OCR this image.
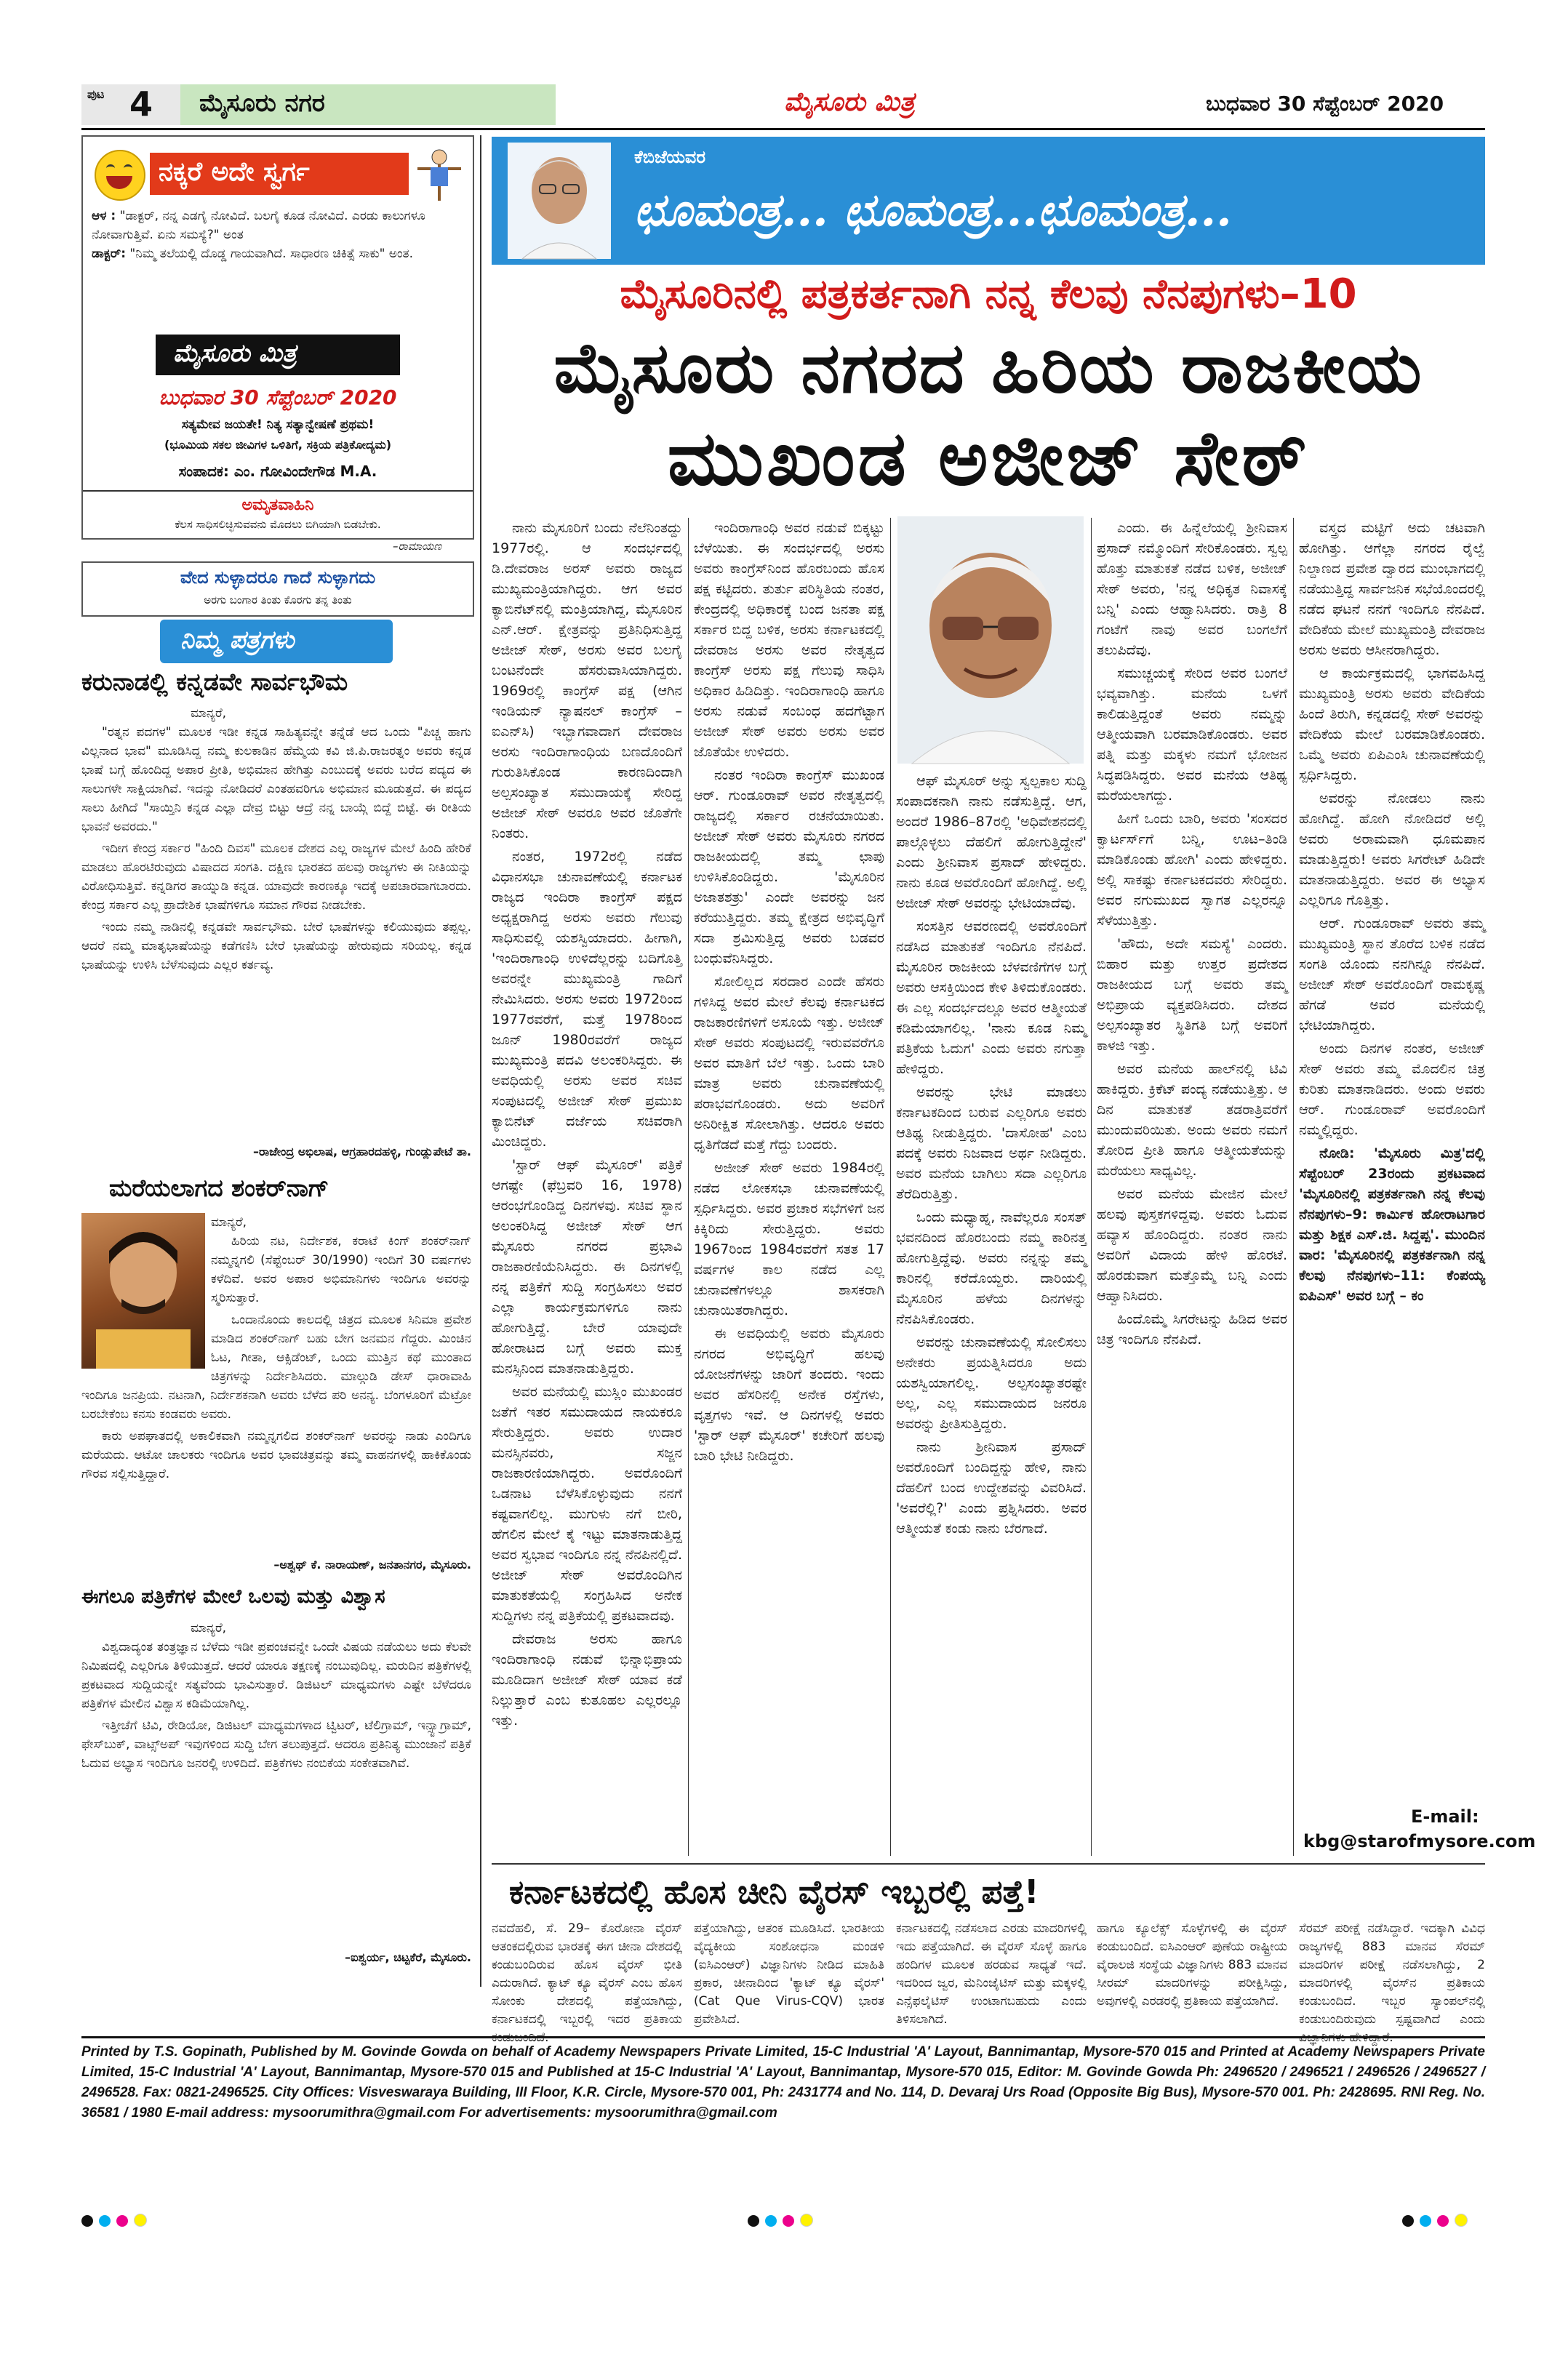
ಪುಟ 4 ಮೈಸೂರು ನಗರ	ಮೈಸೂರು ಮಿತ್ರ	ಬುಧವಾರ 30 ಸೆಪ್ಟೆಂಬರ್ 2020
ನಕ್ಕರೆ ಅದೇ ಸ್ವರ್ಗ
ಆಳ : "ಡಾಕ್ಟರ್, ನನ್ನ ಎಡಗೈ ನೋವಿದೆ. ಬಲಗೈ ಕೂಡ ನೋವಿದೆ. ಎರಡು ಕಾಲುಗಳೂ ನೋವಾಗುತ್ತಿವೆ. ಏನು ಸಮಸ್ಯೆ?" ಅಂತ
ಡಾಕ್ಟರ್: "ನಿಮ್ಮ ತಲೆಯಲ್ಲಿ ದೊಡ್ಡ ಗಾಯವಾಗಿದೆ. ಸಾಧಾರಣ ಚಿಕಿತ್ಸೆ ಸಾಕು" ಅಂತ.
ಮೈಸೂರು ಮಿತ್ರ
ಬುಧವಾರ 30 ಸೆಪ್ಟೆಂಬರ್ 2020
ಸತ್ಯಮೇವ ಜಯತೇ! ನಿತ್ಯ ಸತ್ಯಾನ್ವೇಷಣೆ ಪ್ರಥಮ!
(ಭೂಮಿಯ ಸಕಲ ಜೀವಿಗಳ ಒಳಿತಿಗೆ, ಸಕ್ರಿಯ ಪತ್ರಿಕೋದ್ಯಮ)
ಸಂಪಾದಕ: ಎಂ. ಗೋವಿಂದೇಗೌಡ M.A.
ಅಮೃತವಾಹಿನಿ
ಕೆಲಸ ಸಾಧಿಸಲಿಚ್ಛಿಸುವವನು ಮೊದಲು ಬಿಗಿಯಾಗಿ ಬಿಡಬೇಕು.
–ರಾಮಾಯಣ
ವೇದ ಸುಳ್ಳಾದರೂ ಗಾದೆ ಸುಳ್ಳಾಗದು
ಅರಗು ಬಂಗಾರ ತಿಂತು ಕೊರಗು ತನ್ನ ತಿಂತು
ನಿಮ್ಮ ಪತ್ರಗಳು
ಕರುನಾಡಲ್ಲಿ ಕನ್ನಡವೇ ಸಾರ್ವಭೌಮ
ಮಾನ್ಯರೆ,

"ರತ್ನನ ಪದಗಳ" ಮೂಲಕ ಇಡೀ ಕನ್ನಡ ಸಾಹಿತ್ಯವನ್ನೇ ತನ್ನೆಡೆ ಆದ ಒಂದು "ಪಿಚ್ಚ ಹಾಗು ವಿಲ್ಲನಾದ ಭಾವ" ಮೂಡಿಸಿದ್ದ ನಮ್ಮ ಕುಲಕಾಡಿನ ಹೆಮ್ಮೆಯ ಕವಿ ಜಿ.ಪಿ.ರಾಜರತ್ನಂ ಅವರು ಕನ್ನಡ ಭಾಷೆ ಬಗ್ಗೆ ಹೊಂದಿದ್ದ ಅಪಾರ ಪ್ರೀತಿ, ಅಭಿಮಾನ ಹೇಗಿತ್ತು ಎಂಬುದಕ್ಕೆ ಅವರು ಬರೆದ ಪದ್ಯದ ಈ ಸಾಲುಗಳೇ ಸಾಕ್ಷಿಯಾಗಿವೆ. ಇದನ್ನು ನೋಡಿದರೆ ಎಂತಹವರಿಗೂ ಅಭಿಮಾನ ಮೂಡುತ್ತದೆ. ಈ ಪದ್ಯದ ಸಾಲು ಹೀಗಿದೆ "ಸಾ‌ಯ್ತಿನಿ ಕನ್ನಡ ಎಲ್ಲಾ ದೇವ್ರ ಬಿಟ್ಟು ಆದ್ರೆ ನನ್ನ ಬಾಯ್ಗೆ ಬಿದ್ದೆ ಬಿಟ್ಟೆ. ಈ ರೀತಿಯ ಭಾವನೆ ಅವರದು."

ಇದೀಗ ಕೇಂದ್ರ ಸರ್ಕಾರ "ಹಿಂದಿ ದಿವಸ" ಮೂಲಕ ದೇಶದ ಎಲ್ಲ ರಾಜ್ಯಗಳ ಮೇಲೆ ಹಿಂದಿ ಹೇರಿಕೆ ಮಾಡಲು ಹೊರಟಿರುವುದು ವಿಷಾದದ ಸಂಗತಿ. ದಕ್ಷಿಣ ಭಾರತದ ಹಲವು ರಾಜ್ಯಗಳು ಈ ನೀತಿಯನ್ನು ವಿರೋಧಿಸುತ್ತಿವೆ. ಕನ್ನಡಿಗರ ತಾಯ್ನುಡಿ ಕನ್ನಡ. ಯಾವುದೇ ಕಾರಣಕ್ಕೂ ಇದಕ್ಕೆ ಅಪಚಾರವಾಗಬಾರದು. ಕೇಂದ್ರ ಸರ್ಕಾರ ಎಲ್ಲ ಪ್ರಾದೇಶಿಕ ಭಾಷೆಗಳಿಗೂ ಸಮಾನ ಗೌರವ ನೀಡಬೇಕು.

ಇಂದು ನಮ್ಮ ನಾಡಿನಲ್ಲಿ ಕನ್ನಡವೇ ಸಾರ್ವಭೌಮ. ಬೇರೆ ಭಾಷೆಗಳನ್ನು ಕಲಿಯುವುದು ತಪ್ಪಲ್ಲ. ಆದರೆ ನಮ್ಮ ಮಾತೃಭಾಷೆಯನ್ನು ಕಡೆಗಣಿಸಿ ಬೇರೆ ಭಾಷೆಯನ್ನು ಹೇರುವುದು ಸರಿಯಲ್ಲ. ಕನ್ನಡ ಭಾಷೆಯನ್ನು ಉಳಿಸಿ ಬೆಳೆಸುವುದು ಎಲ್ಲರ ಕರ್ತವ್ಯ.

–ರಾಜೇಂದ್ರ ಅಭಿಲಾಷ, ಆಗ್ರಹಾರದಹಳ್ಳಿ, ಗುಂಡ್ಲುಪೇಟೆ ತಾ.
ಮರೆಯಲಾಗದ ಶಂಕರ್‌ನಾಗ್
ಮಾನ್ಯರೆ,

ಹಿರಿಯ ನಟ, ನಿರ್ದೇಶಕ, ಕರಾಟೆ ಕಿಂಗ್ ಶಂಕರ್‌ನಾಗ್ ನಮ್ಮನ್ನಗಲಿ (ಸೆಪ್ಟೆಂಬರ್ 30/1990) ಇಂದಿಗೆ 30 ವರ್ಷಗಳು ಕಳೆದಿವೆ. ಅವರ ಅಪಾರ ಅಭಿಮಾನಿಗಳು ಇಂದಿಗೂ ಅವರನ್ನು ಸ್ಮರಿಸುತ್ತಾರೆ.

ಒಂದಾನೊಂದು ಕಾಲದಲ್ಲಿ ಚಿತ್ರದ ಮೂಲಕ ಸಿನಿಮಾ ಪ್ರವೇಶ ಮಾಡಿದ ಶಂಕರ್‌ನಾಗ್ ಬಹು ಬೇಗ ಜನಮನ ಗೆದ್ದರು. ಮಿಂಚಿನ ಓಟ, ಗೀತಾ, ಆಕ್ಸಿಡೆಂಟ್, ಒಂದು ಮುತ್ತಿನ ಕಥೆ ಮುಂತಾದ ಚಿತ್ರಗಳನ್ನು ನಿರ್ದೇಶಿಸಿದರು. ಮಾಲ್ಗುಡಿ ಡೇಸ್ ಧಾರಾವಾಹಿ ಇಂದಿಗೂ ಜನಪ್ರಿಯ. ನಟನಾಗಿ, ನಿರ್ದೇಶಕನಾಗಿ ಅವರು ಬೆಳೆದ ಪರಿ ಅನನ್ಯ. ಬೆಂಗಳೂರಿಗೆ ಮೆಟ್ರೋ ಬರಬೇಕೆಂಬ ಕನಸು ಕಂಡವರು ಅವರು.

ಕಾರು ಅಪಘಾತದಲ್ಲಿ ಅಕಾಲಿಕವಾಗಿ ನಮ್ಮನ್ನಗಲಿದ ಶಂಕರ್‌ನಾಗ್ ಅವರನ್ನು ನಾಡು ಎಂದಿಗೂ ಮರೆಯದು. ಆಟೋ ಚಾಲಕರು ಇಂದಿಗೂ ಅವರ ಭಾವಚಿತ್ರವನ್ನು ತಮ್ಮ ವಾಹನಗಳಲ್ಲಿ ಹಾಕಿಕೊಂಡು ಗೌರವ ಸಲ್ಲಿಸುತ್ತಿದ್ದಾರೆ.

–ಅಶ್ವಥ್ ಕೆ. ನಾರಾಯಣ್, ಜನತಾನಗರ, ಮೈಸೂರು.
ಈಗಲೂ ಪತ್ರಿಕೆಗಳ ಮೇಲೆ ಒಲವು ಮತ್ತು ವಿಶ್ವಾಸ
ಮಾನ್ಯರೆ,

ವಿಶ್ವದಾದ್ಯಂತ ತಂತ್ರಜ್ಞಾನ ಬೆಳೆದು ಇಡೀ ಪ್ರಪಂಚವನ್ನೇ ಒಂದೇ ವಿಷಯ ನಡೆಯಲು ಅದು ಕೆಲವೇ ನಿಮಿಷದಲ್ಲಿ ಎಲ್ಲರಿಗೂ ತಿಳಿಯುತ್ತದೆ. ಆದರೆ ಯಾರೂ ತಕ್ಷಣಕ್ಕೆ ನಂಬುವುದಿಲ್ಲ. ಮರುದಿನ ಪತ್ರಿಕೆಗಳಲ್ಲಿ ಪ್ರಕಟವಾದ ಸುದ್ದಿಯನ್ನೇ ಸತ್ಯವೆಂದು ಭಾವಿಸುತ್ತಾರೆ. ಡಿಜಿಟಲ್ ಮಾಧ್ಯಮಗಳು ಎಷ್ಟೇ ಬೆಳೆದರೂ ಪತ್ರಿಕೆಗಳ ಮೇಲಿನ ವಿಶ್ವಾಸ ಕಡಿಮೆಯಾಗಿಲ್ಲ.

ಇತ್ತೀಚೆಗೆ ಟಿವಿ, ರೇಡಿಯೋ, ಡಿಜಿಟಲ್ ಮಾಧ್ಯಮಗಳಾದ ಟ್ವಿಟರ್, ಟೆಲಿಗ್ರಾಮ್, ಇನ್ಸ್ಟಾಗ್ರಾಮ್, ಫೇಸ್‌ಬುಕ್, ವಾಟ್ಸ್‌ಅಪ್ ಇವುಗಳಿಂದ ಸುದ್ದಿ ಬೇಗ ತಲುಪುತ್ತದೆ. ಆದರೂ ಪ್ರತಿನಿತ್ಯ ಮುಂಜಾನೆ ಪತ್ರಿಕೆ ಓದುವ ಅಭ್ಯಾಸ ಇಂದಿಗೂ ಜನರಲ್ಲಿ ಉಳಿದಿದೆ. ಪತ್ರಿಕೆಗಳು ನಂಬಿಕೆಯ ಸಂಕೇತವಾಗಿವೆ.

–ಐಶ್ವರ್ಯ, ಚಿಟ್ಟಕೆರೆ, ಮೈಸೂರು.
ಕೆಬಿಜೆಯವರ
ಛೂಮಂತ್ರ... ಛೂಮಂತ್ರ...ಛೂಮಂತ್ರ...
ಮೈಸೂರಿನಲ್ಲಿ ಪತ್ರಕರ್ತನಾಗಿ ನನ್ನ ಕೆಲವು ನೆನಪುಗಳು–10
ಮೈಸೂರು ನಗರದ ಹಿರಿಯ ರಾಜಕೀಯ
ಮುಖಂಡ ಅಜೀಜ್ ಸೇಠ್

ನಾನು ಮೈಸೂರಿಗೆ ಬಂದು ನೆಲೆನಿಂತದ್ದು 1977ರಲ್ಲಿ. ಆ ಸಂದರ್ಭದಲ್ಲಿ ಡಿ.ದೇವರಾಜ ಅರಸ್ ಅವರು ರಾಜ್ಯದ ಮುಖ್ಯಮಂತ್ರಿಯಾಗಿದ್ದರು. ಆಗ ಅವರ ಕ್ಯಾಬಿನೆಟ್‌ನಲ್ಲಿ ಮಂತ್ರಿಯಾಗಿದ್ದ, ಮೈಸೂರಿನ ಎನ್.ಆರ್. ಕ್ಷೇತ್ರವನ್ನು ಪ್ರತಿನಿಧಿಸುತ್ತಿದ್ದ ಅಜೀಜ್ ಸೇಠ್, ಅರಸು ಅವರ ಬಲಗೈ ಬಂಟನೆಂದೇ ಹೆಸರುವಾಸಿಯಾಗಿದ್ದರು. 1969ರಲ್ಲಿ ಕಾಂಗ್ರೆಸ್ ಪಕ್ಷ (ಆಗಿನ ಇಂಡಿಯನ್ ನ್ಯಾಷನಲ್ ಕಾಂಗ್ರೆಸ್ – ಐಎನ್‌ಸಿ) ಇಬ್ಭಾಗವಾದಾಗ ದೇವರಾಜ ಅರಸು ಇಂದಿರಾಗಾಂಧಿಯ ಬಣದೊಂದಿಗೆ ಗುರುತಿಸಿಕೊಂಡ ಕಾರಣದಿಂದಾಗಿ ಅಲ್ಪಸಂಖ್ಯಾತ ಸಮುದಾಯಕ್ಕೆ ಸೇರಿದ್ದ ಅಜೀಜ್ ಸೇಠ್ ಅವರೂ ಅವರ ಜೊತೆಗೇ ನಿಂತರು.

ನಂತರ, 1972ರಲ್ಲಿ ನಡೆದ ವಿಧಾನಸಭಾ ಚುನಾವಣೆಯಲ್ಲಿ ಕರ್ನಾಟಕ ರಾಜ್ಯದ ಇಂದಿರಾ ಕಾಂಗ್ರೆಸ್ ಪಕ್ಷದ ಅಧ್ಯಕ್ಷರಾಗಿದ್ದ ಅರಸು ಅವರು ಗೆಲುವು ಸಾಧಿಸುವಲ್ಲಿ ಯಶಸ್ವಿಯಾದರು. ಹೀಗಾಗಿ, 'ಇಂದಿರಾಗಾಂಧಿ ಉಳಿದೆಲ್ಲರನ್ನು ಬದಿಗೊತ್ತಿ ಅವರನ್ನೇ ಮುಖ್ಯಮಂತ್ರಿ ಗಾದಿಗೆ ನೇಮಿಸಿದರು. ಅರಸು ಅವರು 1972ರಿಂದ 1977ರವರೆಗೆ, ಮತ್ತೆ 1978ರಿಂದ ಜೂನ್ 1980ರವರೆಗೆ ರಾಜ್ಯದ ಮುಖ್ಯಮಂತ್ರಿ ಪದವಿ ಅಲಂಕರಿಸಿದ್ದರು. ಈ ಅವಧಿಯಲ್ಲಿ ಅರಸು ಅವರ ಸಚಿವ ಸಂಪುಟದಲ್ಲಿ ಅಜೀಜ್ ಸೇಠ್ ಪ್ರಮುಖ ಕ್ಯಾಬಿನೆಟ್ ದರ್ಜೆಯ ಸಚಿವರಾಗಿ ಮಿಂಚಿದ್ದರು.

'ಸ್ಟಾರ್ ಆಫ್ ಮೈಸೂರ್' ಪತ್ರಿಕೆ ಆಗಷ್ಟೇ (ಫೆಬ್ರವರಿ 16, 1978) ಆರಂಭಗೊಂಡಿದ್ದ ದಿನಗಳವು. ಸಚಿವ ಸ್ಥಾನ ಅಲಂಕರಿಸಿದ್ದ ಅಜೀಜ್ ಸೇಠ್ ಆಗ ಮೈಸೂರು ನಗರದ ಪ್ರಭಾವಿ ರಾಜಕಾರಣಿಯೆನಿಸಿದ್ದರು. ಈ ದಿನಗಳಲ್ಲಿ ನನ್ನ ಪತ್ರಿಕೆಗೆ ಸುದ್ದಿ ಸಂಗ್ರಹಿಸಲು ಅವರ ಎಲ್ಲಾ ಕಾರ್ಯಕ್ರಮಗಳಿಗೂ ನಾನು ಹೋಗುತ್ತಿದ್ದೆ. ಬೇರೆ ಯಾವುದೇ ಹೋರಾಟದ ಬಗ್ಗೆ ಅವರು ಮುಕ್ತ ಮನಸ್ಸಿನಿಂದ ಮಾತನಾಡುತ್ತಿದ್ದರು.

ಅವರ ಮನೆಯಲ್ಲಿ ಮುಸ್ಲಿಂ ಮುಖಂಡರ ಜತೆಗೆ ಇತರ ಸಮುದಾಯದ ನಾಯಕರೂ ಸೇರುತ್ತಿದ್ದರು. ಅವರು ಉದಾರ ಮನಸ್ಸಿನವರು, ಸಜ್ಜನ ರಾಜಕಾರಣಿಯಾಗಿದ್ದರು. ಅವರೊಂದಿಗೆ ಒಡನಾಟ ಬೆಳೆಸಿಕೊಳ್ಳುವುದು ನನಗೆ ಕಷ್ಟವಾಗಲಿಲ್ಲ. ಮುಗುಳು ನಗೆ ಬೀರಿ, ಹೆಗಲಿನ ಮೇಲೆ ಕೈ ಇಟ್ಟು ಮಾತನಾಡುತ್ತಿದ್ದ ಅವರ ಸ್ವಭಾವ ಇಂದಿಗೂ ನನ್ನ ನೆನಪಿನಲ್ಲಿದೆ. ಅಜೀಜ್ ಸೇಠ್ ಅವರೊಂದಿಗಿನ ಮಾತುಕತೆಯಲ್ಲಿ ಸಂಗ್ರಹಿಸಿದ ಅನೇಕ ಸುದ್ದಿಗಳು ನನ್ನ ಪತ್ರಿಕೆಯಲ್ಲಿ ಪ್ರಕಟವಾದವು.

ದೇವರಾಜ ಅರಸು ಹಾಗೂ ಇಂದಿರಾಗಾಂಧಿ ನಡುವೆ ಭಿನ್ನಾಭಿಪ್ರಾಯ ಮೂಡಿದಾಗ ಅಜೀಜ್ ಸೇಠ್ ಯಾವ ಕಡೆ ನಿಲ್ಲುತ್ತಾರೆ ಎಂಬ ಕುತೂಹಲ ಎಲ್ಲರಲ್ಲೂ ಇತ್ತು.

ಇಂದಿರಾಗಾಂಧಿ ಅವರ ನಡುವೆ ಬಿಕ್ಕಟ್ಟು ಬೆಳೆಯಿತು. ಈ ಸಂದರ್ಭದಲ್ಲಿ ಅರಸು ಅವರು ಕಾಂಗ್ರೆಸ್‌ನಿಂದ ಹೊರಬಂದು ಹೊಸ ಪಕ್ಷ ಕಟ್ಟಿದರು. ತುರ್ತು ಪರಿಸ್ಥಿತಿಯ ನಂತರ, ಕೇಂದ್ರದಲ್ಲಿ ಅಧಿಕಾರಕ್ಕೆ ಬಂದ ಜನತಾ ಪಕ್ಷ ಸರ್ಕಾರ ಬಿದ್ದ ಬಳಿಕ, ಅರಸು ಕರ್ನಾಟಕದಲ್ಲಿ ದೇವರಾಜ ಅರಸು ಅವರ ನೇತೃತ್ವದ ಕಾಂಗ್ರೆಸ್ ಅರಸು ಪಕ್ಷ ಗೆಲುವು ಸಾಧಿಸಿ ಅಧಿಕಾರ ಹಿಡಿದಿತ್ತು. ಇಂದಿರಾಗಾಂಧಿ ಹಾಗೂ ಅರಸು ನಡುವೆ ಸಂಬಂಧ ಹದಗೆಟ್ಟಾಗ ಅಜೀಜ್ ಸೇಠ್ ಅವರು ಅರಸು ಅವರ ಜೊತೆಯೇ ಉಳಿದರು.

ನಂತರ ಇಂದಿರಾ ಕಾಂಗ್ರೆಸ್ ಮುಖಂಡ ಆರ್. ಗುಂಡೂರಾವ್ ಅವರ ನೇತೃತ್ವದಲ್ಲಿ ರಾಜ್ಯದಲ್ಲಿ ಸರ್ಕಾರ ರಚನೆಯಾಯಿತು. ಅಜೀಜ್ ಸೇಠ್ ಅವರು ಮೈಸೂರು ನಗರದ ರಾಜಕೀಯದಲ್ಲಿ ತಮ್ಮ ಛಾಪು ಉಳಿಸಿಕೊಂಡಿದ್ದರು. 'ಮೈಸೂರಿನ ಅಜಾತಶತ್ರು' ಎಂದೇ ಅವರನ್ನು ಜನ ಕರೆಯುತ್ತಿದ್ದರು. ತಮ್ಮ ಕ್ಷೇತ್ರದ ಅಭಿವೃದ್ಧಿಗೆ ಸದಾ ಶ್ರಮಿಸುತ್ತಿದ್ದ ಅವರು ಬಡವರ ಬಂಧುವೆನಿಸಿದ್ದರು.

ಸೋಲಿಲ್ಲದ ಸರದಾರ ಎಂದೇ ಹೆಸರು ಗಳಿಸಿದ್ದ ಅವರ ಮೇಲೆ ಕೆಲವು ಕರ್ನಾಟಕದ ರಾಜಕಾರಣಿಗಳಿಗೆ ಅಸೂಯೆ ಇತ್ತು. ಅಜೀಜ್ ಸೇಠ್ ಅವರು ಸಂಪುಟದಲ್ಲಿ ಇರುವವರೆಗೂ ಅವರ ಮಾತಿಗೆ ಬೆಲೆ ಇತ್ತು. ಒಂದು ಬಾರಿ ಮಾತ್ರ ಅವರು ಚುನಾವಣೆಯಲ್ಲಿ ಪರಾಭವಗೊಂಡರು. ಅದು ಅವರಿಗೆ ಅನಿರೀಕ್ಷಿತ ಸೋಲಾಗಿತ್ತು. ಆದರೂ ಅವರು ಧೃತಿಗೆಡದೆ ಮತ್ತೆ ಗೆದ್ದು ಬಂದರು.

ಅಜೀಜ್ ಸೇಠ್ ಅವರು 1984ರಲ್ಲಿ ನಡೆದ ಲೋಕಸಭಾ ಚುನಾವಣೆಯಲ್ಲಿ ಸ್ಪರ್ಧಿಸಿದ್ದರು. ಅವರ ಪ್ರಚಾರ ಸಭೆಗಳಿಗೆ ಜನ ಕಿಕ್ಕಿರಿದು ಸೇರುತ್ತಿದ್ದರು. ಅವರು 1967ರಿಂದ 1984ರವರೆಗೆ ಸತತ 17 ವರ್ಷಗಳ ಕಾಲ ನಡೆದ ಎಲ್ಲ ಚುನಾವಣೆಗಳಲ್ಲೂ ಶಾಸಕರಾಗಿ ಚುನಾಯಿತರಾಗಿದ್ದರು.

ಈ ಅವಧಿಯಲ್ಲಿ ಅವರು ಮೈಸೂರು ನಗರದ ಅಭಿವೃದ್ಧಿಗೆ ಹಲವು ಯೋಜನೆಗಳನ್ನು ಜಾರಿಗೆ ತಂದರು. ಇಂದು ಅವರ ಹೆಸರಿನಲ್ಲಿ ಅನೇಕ ರಸ್ತೆಗಳು, ವೃತ್ತಗಳು ಇವೆ. ಆ ದಿನಗಳಲ್ಲಿ ಅವರು 'ಸ್ಟಾರ್ ಆಫ್ ಮೈಸೂರ್' ಕಚೇರಿಗೆ ಹಲವು ಬಾರಿ ಭೇಟಿ ನೀಡಿದ್ದರು.

ಆಫ್ ಮೈಸೂರ್ ಅನ್ನು ಸ್ವಲ್ಪಕಾಲ ಸುದ್ದಿ ಸಂಪಾದಕನಾಗಿ ನಾನು ನಡೆಸುತ್ತಿದ್ದೆ. ಆಗ, ಅಂದರೆ 1986–87ರಲ್ಲಿ 'ಅಧಿವೇಶನದಲ್ಲಿ ಪಾಲ್ಗೊಳ್ಳಲು ದೆಹಲಿಗೆ ಹೋಗುತ್ತಿದ್ದೇನೆ' ಎಂದು ಶ್ರೀನಿವಾಸ ಪ್ರಸಾದ್ ಹೇಳಿದ್ದರು. ನಾನು ಕೂಡ ಅವರೊಂದಿಗೆ ಹೋಗಿದ್ದೆ. ಅಲ್ಲಿ ಅಜೀಜ್ ಸೇಠ್ ಅವರನ್ನು ಭೇಟಿಯಾದೆವು.

ಸಂಸತ್ತಿನ ಆವರಣದಲ್ಲಿ ಅವರೊಂದಿಗೆ ನಡೆಸಿದ ಮಾತುಕತೆ ಇಂದಿಗೂ ನೆನಪಿದೆ. ಮೈಸೂರಿನ ರಾಜಕೀಯ ಬೆಳವಣಿಗೆಗಳ ಬಗ್ಗೆ ಅವರು ಆಸಕ್ತಿಯಿಂದ ಕೇಳಿ ತಿಳಿದುಕೊಂಡರು. ಈ ಎಲ್ಲ ಸಂದರ್ಭದಲ್ಲೂ ಅವರ ಆತ್ಮೀಯತೆ ಕಡಿಮೆಯಾಗಲಿಲ್ಲ. 'ನಾನು ಕೂಡ ನಿಮ್ಮ ಪತ್ರಿಕೆಯ ಓದುಗ' ಎಂದು ಅವರು ನಗುತ್ತಾ ಹೇಳಿದ್ದರು.

ಅವರನ್ನು ಭೇಟಿ ಮಾಡಲು ಕರ್ನಾಟಕದಿಂದ ಬರುವ ಎಲ್ಲರಿಗೂ ಅವರು ಆತಿಥ್ಯ ನೀಡುತ್ತಿದ್ದರು. 'ದಾಸೋಹ' ಎಂಬ ಪದಕ್ಕೆ ಅವರು ನಿಜವಾದ ಅರ್ಥ ನೀಡಿದ್ದರು. ಅವರ ಮನೆಯ ಬಾಗಿಲು ಸದಾ ಎಲ್ಲರಿಗೂ ತೆರೆದಿರುತ್ತಿತ್ತು.

ಒಂದು ಮಧ್ಯಾಹ್ನ, ನಾವೆಲ್ಲರೂ ಸಂಸತ್ ಭವನದಿಂದ ಹೊರಬಂದು ನಮ್ಮ ಕಾರಿನತ್ತ ಹೋಗುತ್ತಿದ್ದೆವು. ಅವರು ನನ್ನನ್ನು ತಮ್ಮ ಕಾರಿನಲ್ಲಿ ಕರೆದೊಯ್ದರು. ದಾರಿಯಲ್ಲಿ ಮೈಸೂರಿನ ಹಳೆಯ ದಿನಗಳನ್ನು ನೆನಪಿಸಿಕೊಂಡರು.

ಅವರನ್ನು ಚುನಾವಣೆಯಲ್ಲಿ ಸೋಲಿಸಲು ಅನೇಕರು ಪ್ರಯತ್ನಿಸಿದರೂ ಅದು ಯಶಸ್ವಿಯಾಗಲಿಲ್ಲ. ಅಲ್ಪಸಂಖ್ಯಾತರಷ್ಟೇ ಅಲ್ಲ, ಎಲ್ಲ ಸಮುದಾಯದ ಜನರೂ ಅವರನ್ನು ಪ್ರೀತಿಸುತ್ತಿದ್ದರು.

ನಾನು ಶ್ರೀನಿವಾಸ ಪ್ರಸಾದ್ ಅವರೊಂದಿಗೆ ಬಂದಿದ್ದನ್ನು ಹೇಳಿ, ನಾನು ದೆಹಲಿಗೆ ಬಂದ ಉದ್ದೇಶವನ್ನು ವಿವರಿಸಿದೆ. 'ಅವರೆಲ್ಲಿ?' ಎಂದು ಪ್ರಶ್ನಿಸಿದರು. ಅವರ ಆತ್ಮೀಯತೆ ಕಂಡು ನಾನು ಬೆರಗಾದೆ.

ಎಂದು. ಈ ಹಿನ್ನೆಲೆಯಲ್ಲಿ ಶ್ರೀನಿವಾಸ ಪ್ರಸಾದ್ ನಮ್ಮೊಂದಿಗೆ ಸೇರಿಕೊಂಡರು. ಸ್ವಲ್ಪ ಹೊತ್ತು ಮಾತುಕತೆ ನಡೆದ ಬಳಿಕ, ಅಜೀಜ್ ಸೇಠ್ ಅವರು, 'ನನ್ನ ಅಧಿಕೃತ ನಿವಾಸಕ್ಕೆ ಬನ್ನಿ' ಎಂದು ಆಹ್ವಾನಿಸಿದರು. ರಾತ್ರಿ 8 ಗಂಟೆಗೆ ನಾವು ಅವರ ಬಂಗಲೆಗೆ ತಲುಪಿದೆವು.

ಸಮುಚ್ಚಯಕ್ಕೆ ಸೇರಿದ ಅವರ ಬಂಗಲೆ ಭವ್ಯವಾಗಿತ್ತು. ಮನೆಯ ಒಳಗೆ ಕಾಲಿಡುತ್ತಿದ್ದಂತೆ ಅವರು ನಮ್ಮನ್ನು ಆತ್ಮೀಯವಾಗಿ ಬರಮಾಡಿಕೊಂಡರು. ಅವರ ಪತ್ನಿ ಮತ್ತು ಮಕ್ಕಳು ನಮಗೆ ಭೋಜನ ಸಿದ್ಧಪಡಿಸಿದ್ದರು. ಅವರ ಮನೆಯ ಆತಿಥ್ಯ ಮರೆಯಲಾಗದ್ದು.

ಹೀಗೆ ಒಂದು ಬಾರಿ, ಅವರು 'ಸಂಸದರ ಕ್ವಾರ್ಟರ್ಸ್‌ಗೆ ಬನ್ನಿ, ಊಟ–ತಿಂಡಿ ಮಾಡಿಕೊಂಡು ಹೋಗಿ' ಎಂದು ಹೇಳಿದ್ದರು. ಅಲ್ಲಿ ಸಾಕಷ್ಟು ಕರ್ನಾಟಕದವರು ಸೇರಿದ್ದರು. ಅವರ ನಗುಮುಖದ ಸ್ವಾಗತ ಎಲ್ಲರನ್ನೂ ಸೆಳೆಯುತ್ತಿತ್ತು.

'ಹೌದು, ಅದೇ ಸಮಸ್ಯೆ' ಎಂದರು. ಬಿಹಾರ ಮತ್ತು ಉತ್ತರ ಪ್ರದೇಶದ ರಾಜಕೀಯದ ಬಗ್ಗೆ ಅವರು ತಮ್ಮ ಅಭಿಪ್ರಾಯ ವ್ಯಕ್ತಪಡಿಸಿದರು. ದೇಶದ ಅಲ್ಪಸಂಖ್ಯಾತರ ಸ್ಥಿತಿಗತಿ ಬಗ್ಗೆ ಅವರಿಗೆ ಕಾಳಜಿ ಇತ್ತು.

ಅವರ ಮನೆಯ ಹಾಲ್‌ನಲ್ಲಿ ಟಿವಿ ಹಾಕಿದ್ದರು. ಕ್ರಿಕೆಟ್ ಪಂದ್ಯ ನಡೆಯುತ್ತಿತ್ತು. ಆ ದಿನ ಮಾತುಕತೆ ತಡರಾತ್ರಿವರೆಗೆ ಮುಂದುವರಿಯಿತು. ಅಂದು ಅವರು ನಮಗೆ ತೋರಿದ ಪ್ರೀತಿ ಹಾಗೂ ಆತ್ಮೀಯತೆಯನ್ನು ಮರೆಯಲು ಸಾಧ್ಯವಿಲ್ಲ.

ಅವರ ಮನೆಯ ಮೇಜಿನ ಮೇಲೆ ಹಲವು ಪುಸ್ತಕಗಳಿದ್ದವು. ಅವರು ಓದುವ ಹವ್ಯಾಸ ಹೊಂದಿದ್ದರು. ನಂತರ ನಾನು ಅವರಿಗೆ ವಿದಾಯ ಹೇಳಿ ಹೊರಟೆ. ಹೊರಡುವಾಗ ಮತ್ತೊಮ್ಮೆ ಬನ್ನಿ ಎಂದು ಆಹ್ವಾನಿಸಿದರು.

ಹಿಂದೊಮ್ಮೆ ಸಿಗರೇಟನ್ನು ಹಿಡಿದ ಅವರ ಚಿತ್ರ ಇಂದಿಗೂ ನೆನಪಿದೆ.

ವಸ್ತ್ರದ ಮಟ್ಟಿಗೆ ಅದು ಚಟವಾಗಿ ಹೋಗಿತ್ತು. ಆಗೆಲ್ಲಾ ನಗರದ ರೈಲ್ವೆ ನಿಲ್ದಾಣದ ಪ್ರವೇಶ ದ್ವಾರದ ಮುಂಭಾಗದಲ್ಲಿ ನಡೆಯುತ್ತಿದ್ದ ಸಾರ್ವಜನಿಕ ಸಭೆಯೊಂದರಲ್ಲಿ ನಡೆದ ಘಟನೆ ನನಗೆ ಇಂದಿಗೂ ನೆನಪಿದೆ. ವೇದಿಕೆಯ ಮೇಲೆ ಮುಖ್ಯಮಂತ್ರಿ ದೇವರಾಜ ಅರಸು ಅವರು ಆಸೀನರಾಗಿದ್ದರು.

ಆ ಕಾರ್ಯಕ್ರಮದಲ್ಲಿ ಭಾಗವಹಿಸಿದ್ದ ಮುಖ್ಯಮಂತ್ರಿ ಅರಸು ಅವರು ವೇದಿಕೆಯ ಹಿಂದೆ ತಿರುಗಿ, ಕನ್ನಡದಲ್ಲಿ ಸೇಠ್ ಅವರನ್ನು ವೇದಿಕೆಯ ಮೇಲೆ ಬರಮಾಡಿಕೊಂಡರು. ಒಮ್ಮೆ ಅವರು ಏಪಿಎಂಸಿ ಚುನಾವಣೆಯಲ್ಲಿ ಸ್ಪರ್ಧಿಸಿದ್ದರು.

ಅವರನ್ನು ನೋಡಲು ನಾನು ಹೋಗಿದ್ದೆ. ಹೋಗಿ ನೋಡಿದರೆ ಅಲ್ಲಿ ಅವರು ಅರಾಮವಾಗಿ ಧೂಮಪಾನ ಮಾಡುತ್ತಿದ್ದರು! ಅವರು ಸಿಗರೇಟ್ ಹಿಡಿದೇ ಮಾತನಾಡುತ್ತಿದ್ದರು. ಅವರ ಈ ಅಭ್ಯಾಸ ಎಲ್ಲರಿಗೂ ಗೊತ್ತಿತ್ತು.

ಆರ್. ಗುಂಡೂರಾವ್ ಅವರು ತಮ್ಮ ಮುಖ್ಯಮಂತ್ರಿ ಸ್ಥಾನ ತೊರೆದ ಬಳಿಕ ನಡೆದ ಸಂಗತಿ ಯೊಂದು ನನಗಿನ್ನೂ ನೆನಪಿದೆ. ಅಜೀಜ್ ಸೇಠ್ ಅವರೊಂದಿಗೆ ರಾಮಕೃಷ್ಣ ಹೆಗಡೆ ಅವರ ಮನೆಯಲ್ಲಿ ಭೇಟಿಯಾಗಿದ್ದರು.

ಅಂದು ದಿನಗಳ ನಂತರ, ಅಜೀಜ್ ಸೇಠ್ ಅವರು ತಮ್ಮ ಮೊದಲಿನ ಚಿತ್ರ ಕುರಿತು ಮಾತನಾಡಿದರು. ಅಂದು ಅವರು ಆರ್. ಗುಂಡೂರಾವ್ ಅವರೊಂದಿಗೆ ನಮ್ಮಲ್ಲಿದ್ದರು.

ನೋಡಿ: 'ಮೈಸೂರು ಮಿತ್ರ'ದಲ್ಲಿ ಸೆಪ್ಟೆಂಬರ್ 23ರಂದು ಪ್ರಕಟವಾದ 'ಮೈಸೂರಿನಲ್ಲಿ ಪತ್ರಕರ್ತನಾಗಿ ನನ್ನ ಕೆಲವು ನೆನಪುಗಳು–9: ಕಾರ್ಮಿಕ ಹೋರಾಟಗಾರ ಮತ್ತು ಶಿಕ್ಷಕ ಎಸ್.ಜಿ. ಸಿದ್ದಪ್ಪ'. ಮುಂದಿನ ವಾರ: 'ಮೈಸೂರಿನಲ್ಲಿ ಪತ್ರಕರ್ತನಾಗಿ ನನ್ನ ಕೆಲವು ನೆನಪುಗಳು–11: ಕೆಂಪಯ್ಯ ಐಪಿಎಸ್' ಅವರ ಬಗ್ಗೆ – ಕಂ

E-mail:
kbg@starofmysore.com
ಕರ್ನಾಟಕದಲ್ಲಿ ಹೊಸ ಚೀನಿ ವೈರಸ್ ಇಬ್ಬರಲ್ಲಿ ಪತ್ತೆ!
ನವದೆಹಲಿ, ಸೆ. 29– ಕೊರೋನಾ ವೈರಸ್ ಆತಂಕದಲ್ಲಿರುವ ಭಾರತಕ್ಕೆ ಈಗ ಚೀನಾ ದೇಶದಲ್ಲಿ ಕಂಡುಬಂದಿರುವ ಹೊಸ ವೈರಸ್ ಭೀತಿ ಎದುರಾಗಿದೆ. ಕ್ಯಾಟ್ ಕ್ಯೂ ವೈರಸ್ ಎಂಬ ಹೊಸ ಸೋಂಕು ದೇಶದಲ್ಲಿ ಪತ್ತೆಯಾಗಿದ್ದು, ಕರ್ನಾಟಕದಲ್ಲಿ ಇಬ್ಬರಲ್ಲಿ ಇದರ ಪ್ರತಿಕಾಯ
ಪತ್ತೆಯಾಗಿದ್ದು, ಆತಂಕ ಮೂಡಿಸಿದೆ. ಭಾರತೀಯ ವೈದ್ಯಕೀಯ ಸಂಶೋಧನಾ ಮಂಡಳಿ (ಐಸಿಎಂಆರ್) ವಿಜ್ಞಾನಿಗಳು ನೀಡಿದ ಮಾಹಿತಿ ಪ್ರಕಾರ, ಚೀನಾದಿಂದ 'ಕ್ಯಾಟ್ ಕ್ಯೂ ವೈರಸ್' (Cat Que Virus-CQV) ಭಾರತ ಪ್ರವೇಶಿಸಿದೆ.
ಕರ್ನಾಟಕದಲ್ಲಿ ನಡೆಸಲಾದ ಎರಡು ಮಾದರಿಗಳಲ್ಲಿ ಇದು ಪತ್ತೆಯಾಗಿದೆ. ಈ ವೈರಸ್ ಸೊಳ್ಳೆ ಹಾಗೂ ಹಂದಿಗಳ ಮೂಲಕ ಹರಡುವ ಸಾಧ್ಯತೆ ಇದೆ. ಇದರಿಂದ ಜ್ವರ, ಮೆನಿಂಜೈಟಿಸ್ ಮತ್ತು ಮಕ್ಕಳಲ್ಲಿ ಎನ್ಸೆಫಲೈಟಿಸ್ ಉಂಟಾಗಬಹುದು ಎಂದು ತಿಳಿಸಲಾಗಿದೆ.
ಹಾಗೂ ಕ್ಯೂಲೆಕ್ಸ್ ಸೊಳ್ಳೆಗಳಲ್ಲಿ ಈ ವೈರಸ್ ಕಂಡುಬಂದಿದೆ. ಐಸಿಎಂಆರ್ ಪುಣೆಯ ರಾಷ್ಟ್ರೀಯ ವೈರಾಲಜಿ ಸಂಸ್ಥೆಯ ವಿಜ್ಞಾನಿಗಳು 883 ಮಾನವ ಸೀರಮ್ ಮಾದರಿಗಳನ್ನು ಪರೀಕ್ಷಿಸಿದ್ದು, ಅವುಗಳಲ್ಲಿ ಎರಡರಲ್ಲಿ ಪ್ರತಿಕಾಯ ಪತ್ತೆಯಾಗಿದೆ.
ಸೆರಮ್ ಪರೀಕ್ಷೆ ನಡೆಸಿದ್ದಾರೆ. ಇದಕ್ಕಾಗಿ ವಿವಿಧ ರಾಜ್ಯಗಳಲ್ಲಿ 883 ಮಾನವ ಸೆರಮ್ ಮಾದರಿಗಳ ಪರೀಕ್ಷೆ ನಡೆಸಲಾಗಿದ್ದು, 2 ಮಾದರಿಗಳಲ್ಲಿ ವೈರಸ್‌ನ ಪ್ರತಿಕಾಯ ಕಂಡುಬಂದಿದೆ. ಇಬ್ಬರ ಸ್ಯಾಂಪಲ್‌ನಲ್ಲಿ ಕಂಡುಬಂದಿರುವುದು ಸ್ಪಷ್ಟವಾಗಿದೆ ಎಂದು
Printed by T.S. Gopinath, Published by M. Govinde Gowda on behalf of Academy Newspapers Private Limited, 15-C Industrial 'A' Layout, Bannimantap, Mysore-570 015 and Printed at Academy Newspapers Private Limited, 15-C Industrial 'A' Layout, Bannimantap, Mysore-570 015 and Published at 15-C Industrial 'A' Layout, Bannimantap, Mysore-570 015, Editor: M. Govinde Gowda Ph: 2496520 / 2496521 / 2496526 / 2496527 / 2496528. Fax: 0821-2496525. City Offices: Visveswaraya Building, III Floor, K.R. Circle, Mysore-570 001, Ph: 2431774 and No. 114, D. Devaraj Urs Road (Opposite Big Bus), Mysore-570 001. Ph: 2428695. RNI Reg. No. 36581 / 1980 E-mail address: mysoorumithra@gmail.com For advertisements: mysoorumithra@gmail.com
